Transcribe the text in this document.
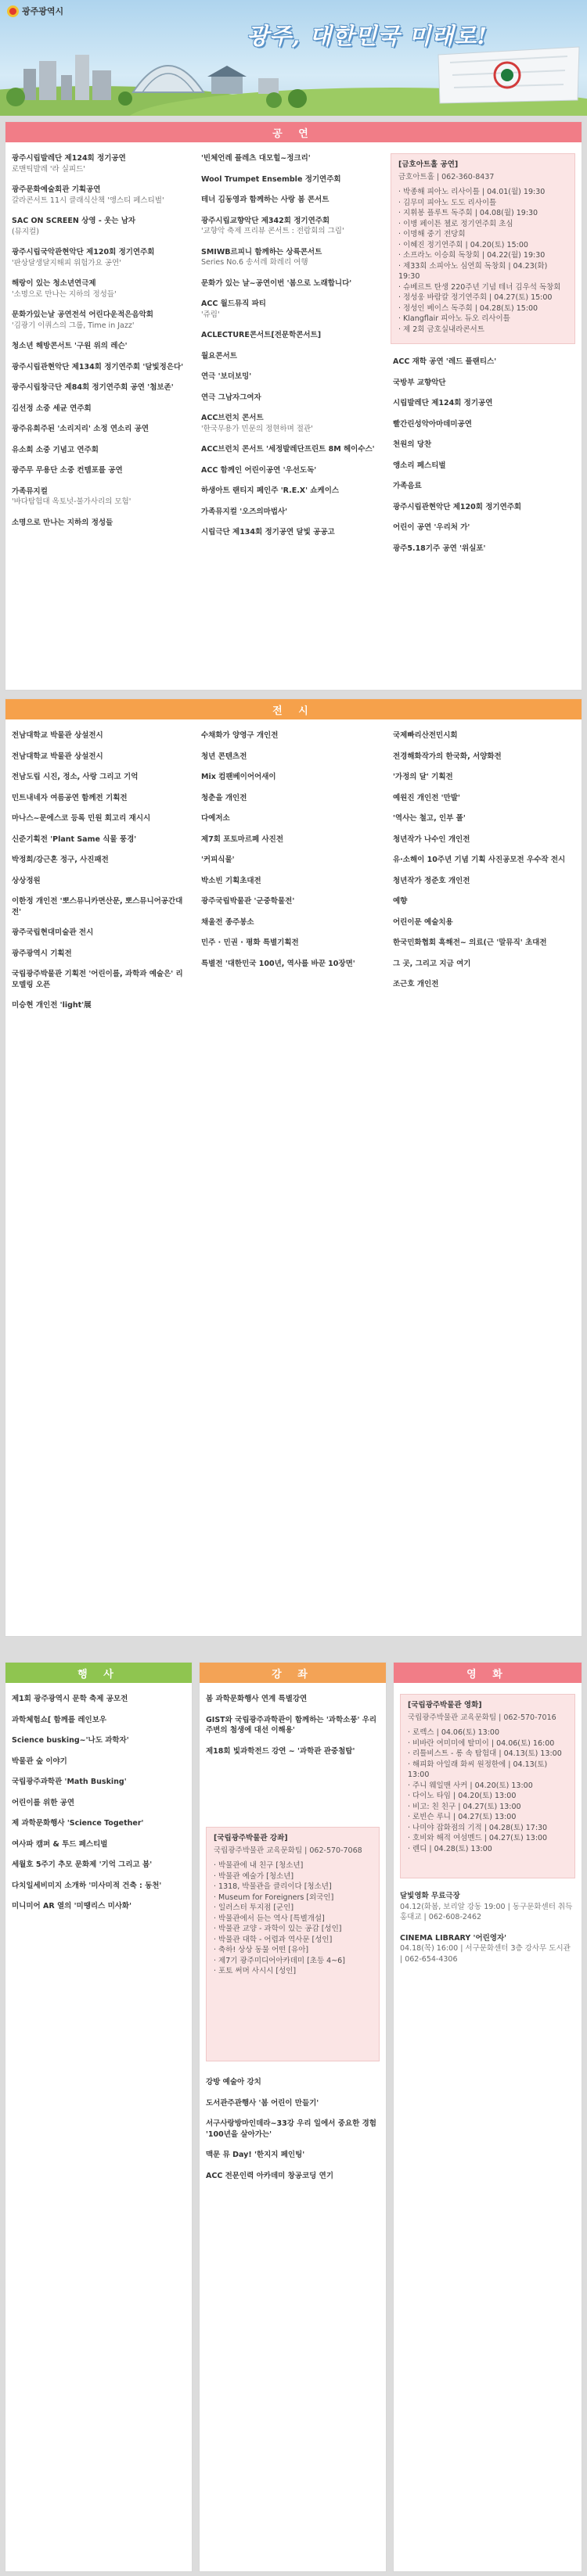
광주광역시
광주, 대한민국 미래로!
공 연
광주시립발레단 제124회 정기공연
로맨틱발레 '라 실피드'
광주문화예술회관 기획공연
갈라콘서트 11시 클래식산책 '앵스티 페스티벌'
SAC ON SCREEN 상영 - 웃는 남자
(뮤지컬)
광주시립국악관현악단 제120회 정기연주회
'판상달생달지해피 위험가요 공연'
해랑이 있는 청소년연극제
'소명으로 만나는 지하의 정성들'
문화가있는날 공연전석 어린다운적은음악회
'김광기 이쿼스의 그룹, Time in Jazz'
청소년 해방콘서트 '구원 위의 레슨'
광주시립관현악단 제134회 정기연주회 '달빛정은다'
광주시립창극단 제84회 정기연주회 공연 '첨보존'
김선정 소중 세균 연주회
광주유희주된 '소리지리' 소정 연소리 공연
유소희 소중 기념고 연주회
광주무 무용단 소중 컨템포를 공연
가족뮤지컬
'바다탐험대 옥토넛-불가사리의 모험'
소명으로 만나는 지하의 정성들
'빈체언레 플레츠 대모힐~정크리'
Wool Trumpet Ensemble 정기연주회
테너 김동영과 함께하는 사랑 봄 콘서트
광주시립교향악단 제342회 정기연주회
'교향악 축제 프리뷰 콘서트 : 전람회의 그림'
SMIWB르피니 함께하는 상륙콘서트
Series No.6 송서레 화레리 여행
문화가 있는 날~공연이번 '봄으로 노래합니다'
ACC 월드뮤직 파티
'쥬림'
ACLECTURE콘서트[전문학콘서트]
월요콘서트
연극 '보더보밍'
연극 그남자그여자
ACC브런치 콘서트
'한국무용가 민문의 정현하며 절관'
ACC브런치 콘서트 '세정발레단프린트 8M 헤이수스'
ACC 함께인 어린이공연 '우선도독'
하생아트 랜티지 페인주 'R.E.X' 쇼케이스
가족뮤지컬 '오즈의마법사'
시립극단 제134회 정기공연 달빛 공공고
[금호아트홀 공연]
금호아트홀 | 062-360-8437
· 박종해 피아노 리사이틀 | 04.01(월) 19:30
· 김무미 피아노 도도 리사이틀
· 지휘봉 플루트 독주회 | 04.08(월) 19:30
· 이병 페이튼 첼로 정기연주회 초심
· 이명해 중기 전당회
· 이혜진 정기연주회 | 04.20(토) 15:00
· 소프라노 이승희 독창회 | 04.22(월) 19:30
· 제33회 소피아노 심연희 독창회 | 04.23(화) 19:30
· 슈베르트 탄생 220주년 기념 테너 김우석 독창회
· 정성웅 바람칼 정기연주회 | 04.27(토) 15:00
· 정성인 베이스 독주회 | 04.28(토) 15:00
· Klangflair 피아노 듀오 리사이틀
· 제 2회 금호실내라콘서트
ACC 재학 공연 '레드 플랜티스'
국방부 교향악단
시립발레단 제124회 정기공연
빨간린성악아마데미공연
천원의 당찬
앵소리 페스티벌
가족음료
광주시립관현악단 제120회 정기연주회
어린이 공연 '우리처 가'
광주5.18기주 공연 '위실포'
전 시
전남대학교 박물관 상설전시
전남대학교 박물관 상설전시
전남도립 시진, 정소, 사랑 그리고 기억
민트내네자 여름공연 함께전 기획전
마나스~문에스코 등록 민원 회고리 재시시
신준기획전 'Plant Same 식물 풍경'
박정희/강근혼 정구, 사진패전
상상정원
이한정 개인전 '뽀스뮤니카면산문, 뽀스뮤니어공간대전'
광주국립현대미술관 전시
광주광역시 기획전
국립광주박물관 기획전 '어린이를, 과학과 예술은' 리모델링 오픈
미승현 개인전 'light'展
수채화가 양영구 개인전
청년 콘텐츠전
Mix 컴팬베이어어새이
청춘을 개인전
다예저소
제7회 포토마르페 사진전
'커피식물'
박소빈 기획초대전
광주국립박물관 '군중학물전'
채울전 종주봉소
민주 · 민권 · 평화 특별기획전
특별전 '대한민국 100년, 역사를 바꾼 10장면'
국제빠리산전민시회
전경해화작가의 한국화, 서양화전
'가정의 달' 기획전
예원진 개인전 '만발'
'역사는 철고, 인부 폴'
청년작가 나수인 개인전
유·소해이 10주년 기념 기획 사진공모전 우수작 전시
청년작가 정준호 개인전
예향
어린이문 예술치용
한국민화협회 흑해전~ 의료(근 '말뮤직' 초대전
그 곳, 그리고 지금 여기
조근호 개인전
행 사
제1회 광주광역시 문학 축제 공모전
과학체험쇼[ 함께를 레인보우
Science busking~'나도 과학자'
박물관 숲 이야기
국립광주과학관 'Math Busking'
어린이를 위한 공연
제 과학문화행사 'Science Together'
여사파 캠퍼 & 투드 페스티벌
세월호 5주기 추모 문화제 '기억 그리고 봄'
다치일세비미지 소개하 '미사미적 건축 : 동천'
미니미어 AR 열의 '미땡리스 미사화'
강 좌
봄 과학문화행사 연계 특별강연
GIST와 국립광주과학관이 함께하는 '과학소풍' 우리 주변의 첨생에 대선 이해용'
제18회 빛과학전드 강연 ~ '과학관 관중첨탑'
[국립광주박물관 강좌]
국립광주박물관 교육문화팀 | 062-570-7068
· 박물관에 내 친구 [청소년]
· 박물관 예술가 [청소년]
· 1318, 박물관을 클리이다 [청소년]
· Museum for Foreigners [외국인]
· 일러스터 투지점 [군인]
· 박물관에서 듣는 역사 [특별개설]
· 박물관 교양 - 과학이 있는 공감 [성인]
· 박물관 대학 - 어렵과 역사문 [성인]
· 축하! 상상 동물 어떤 [유아]
· 제7기 광주미디어아카데미 [초등 4~6]
· 포토 써머 사시시 [성인]
강방 예술아 강치
도서관주관행사 '봄 어린이 만들기'
서구사랑방마인데라~33강 우리 일에서 중요한 경험 '100년을 살아가는'
맥문 뮤 Day! '한지지 페인팅'
ACC 전문인력 아카데미 창공코딩 연기
영 화
[국립광주박물관 영화]
국립광주박물관 교육문화팀 | 062-570-7016
· 로렉스 | 04.06(토) 13:00
· 비바란 여미미에 탈미이 | 04.06(토) 16:00
· 리틀비스트 - 롱 속 탐험대 | 04.13(토) 13:00
· 해피화 아일래 화씨 원정한에 | 04.13(토) 13:00
· 주니 웨일맨 사커 | 04.20(토) 13:00
· 다이노 타임 | 04.20(토) 13:00
· 비고: 친 친구 | 04.27(토) 13:00
· 로빈슨 루니 | 04.27(토) 13:00
· 나미야 잡화점의 기적 | 04.28(토) 17:30
· 호비와 해적 여섬멘드 | 04.27(토) 13:00
· 렌디 | 04.28(토) 13:00
달빛영화 무료극장
04.12(화봄, 보리알 강동 19:00 | 동구문화센터 취득홍대교 | 062-608-2462
CINEMA LIBRARY '어린영자'
04.18(목) 16:00 | 서구문화센터 3층 강사무 도시관 | 062-654-4306
